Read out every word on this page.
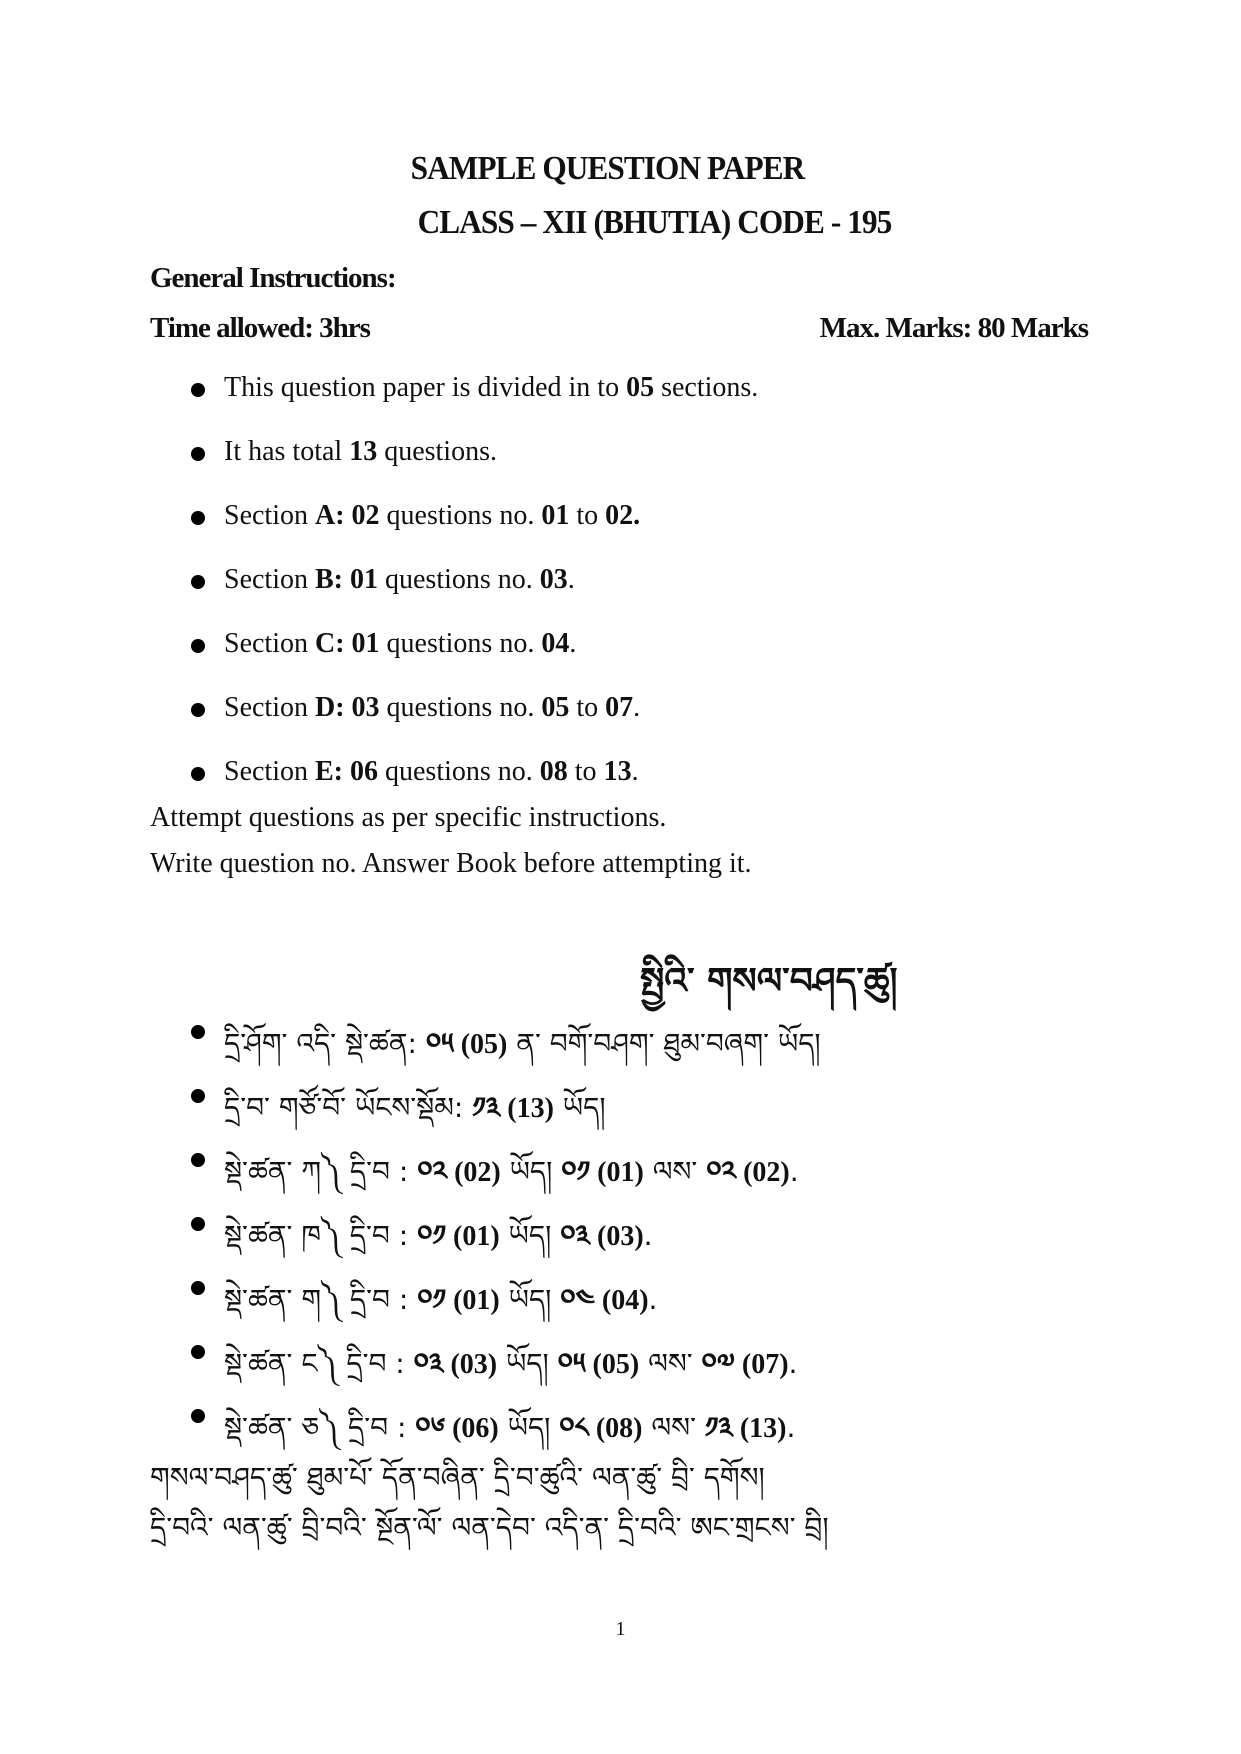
SAMPLE QUESTION PAPER
CLASS – XII (BHUTIA) CODE - 195
General Instructions:
Time allowed: 3hrs	Max. Marks: 80 Marks
This question paper is divided in to 05 sections.
It has total 13 questions.
Section A: 02 questions no. 01 to 02.
Section B: 01 questions no. 03.
Section C: 01 questions no. 04.
Section D: 03 questions no. 05 to 07.
Section E: 06 questions no. 08 to 13.
Attempt questions as per specific instructions.
Write question no. Answer Book before attempting it.
སྤྱིའི་ གསལ་བཤད་ཚུ།
དྲི་ཤོག་ འདི་ སྡེ་ཚན: ༠༥ (05) ན་ བགོ་བཤག་ ཐུམ་བཞག་ ཡོད།
དྲི་བ་ གཙོ་བོ་ ཡོངས་སྡོམ: ༡༣ (13) ཡོད།
སྡེ་ཚན་ ཀ༽ དྲི་བ : ༠༢ (02) ཡོད། ༠༡ (01) ལས་ ༠༢ (02).
སྡེ་ཚན་ ཁ༽ དྲི་བ : ༠༡ (01) ཡོད། ༠༣ (03).
སྡེ་ཚན་ ག༽ དྲི་བ : ༠༡ (01) ཡོད། ༠༤ (04).
སྡེ་ཚན་ ང༽ དྲི་བ : ༠༣ (03) ཡོད། ༠༥ (05) ལས་ ༠༧ (07).
སྡེ་ཚན་ ཅ༽ དྲི་བ : ༠༦ (06) ཡོད། ༠༨ (08) ལས་ ༡༣ (13).
གསལ་བཤད་ཚུ་ ཐུམ་པོ་ དོན་བཞིན་ དྲི་བ་ཚུའི་ ལན་ཚུ་ བྲི་ དགོས།
དྲི་བའི་ ལན་ཚུ་ བྲི་བའི་ སྔོན་ལོ་ ལན་དེབ་ འདི་ན་ དྲི་བའི་ ཨང་གྲངས་ བྲི།
1
